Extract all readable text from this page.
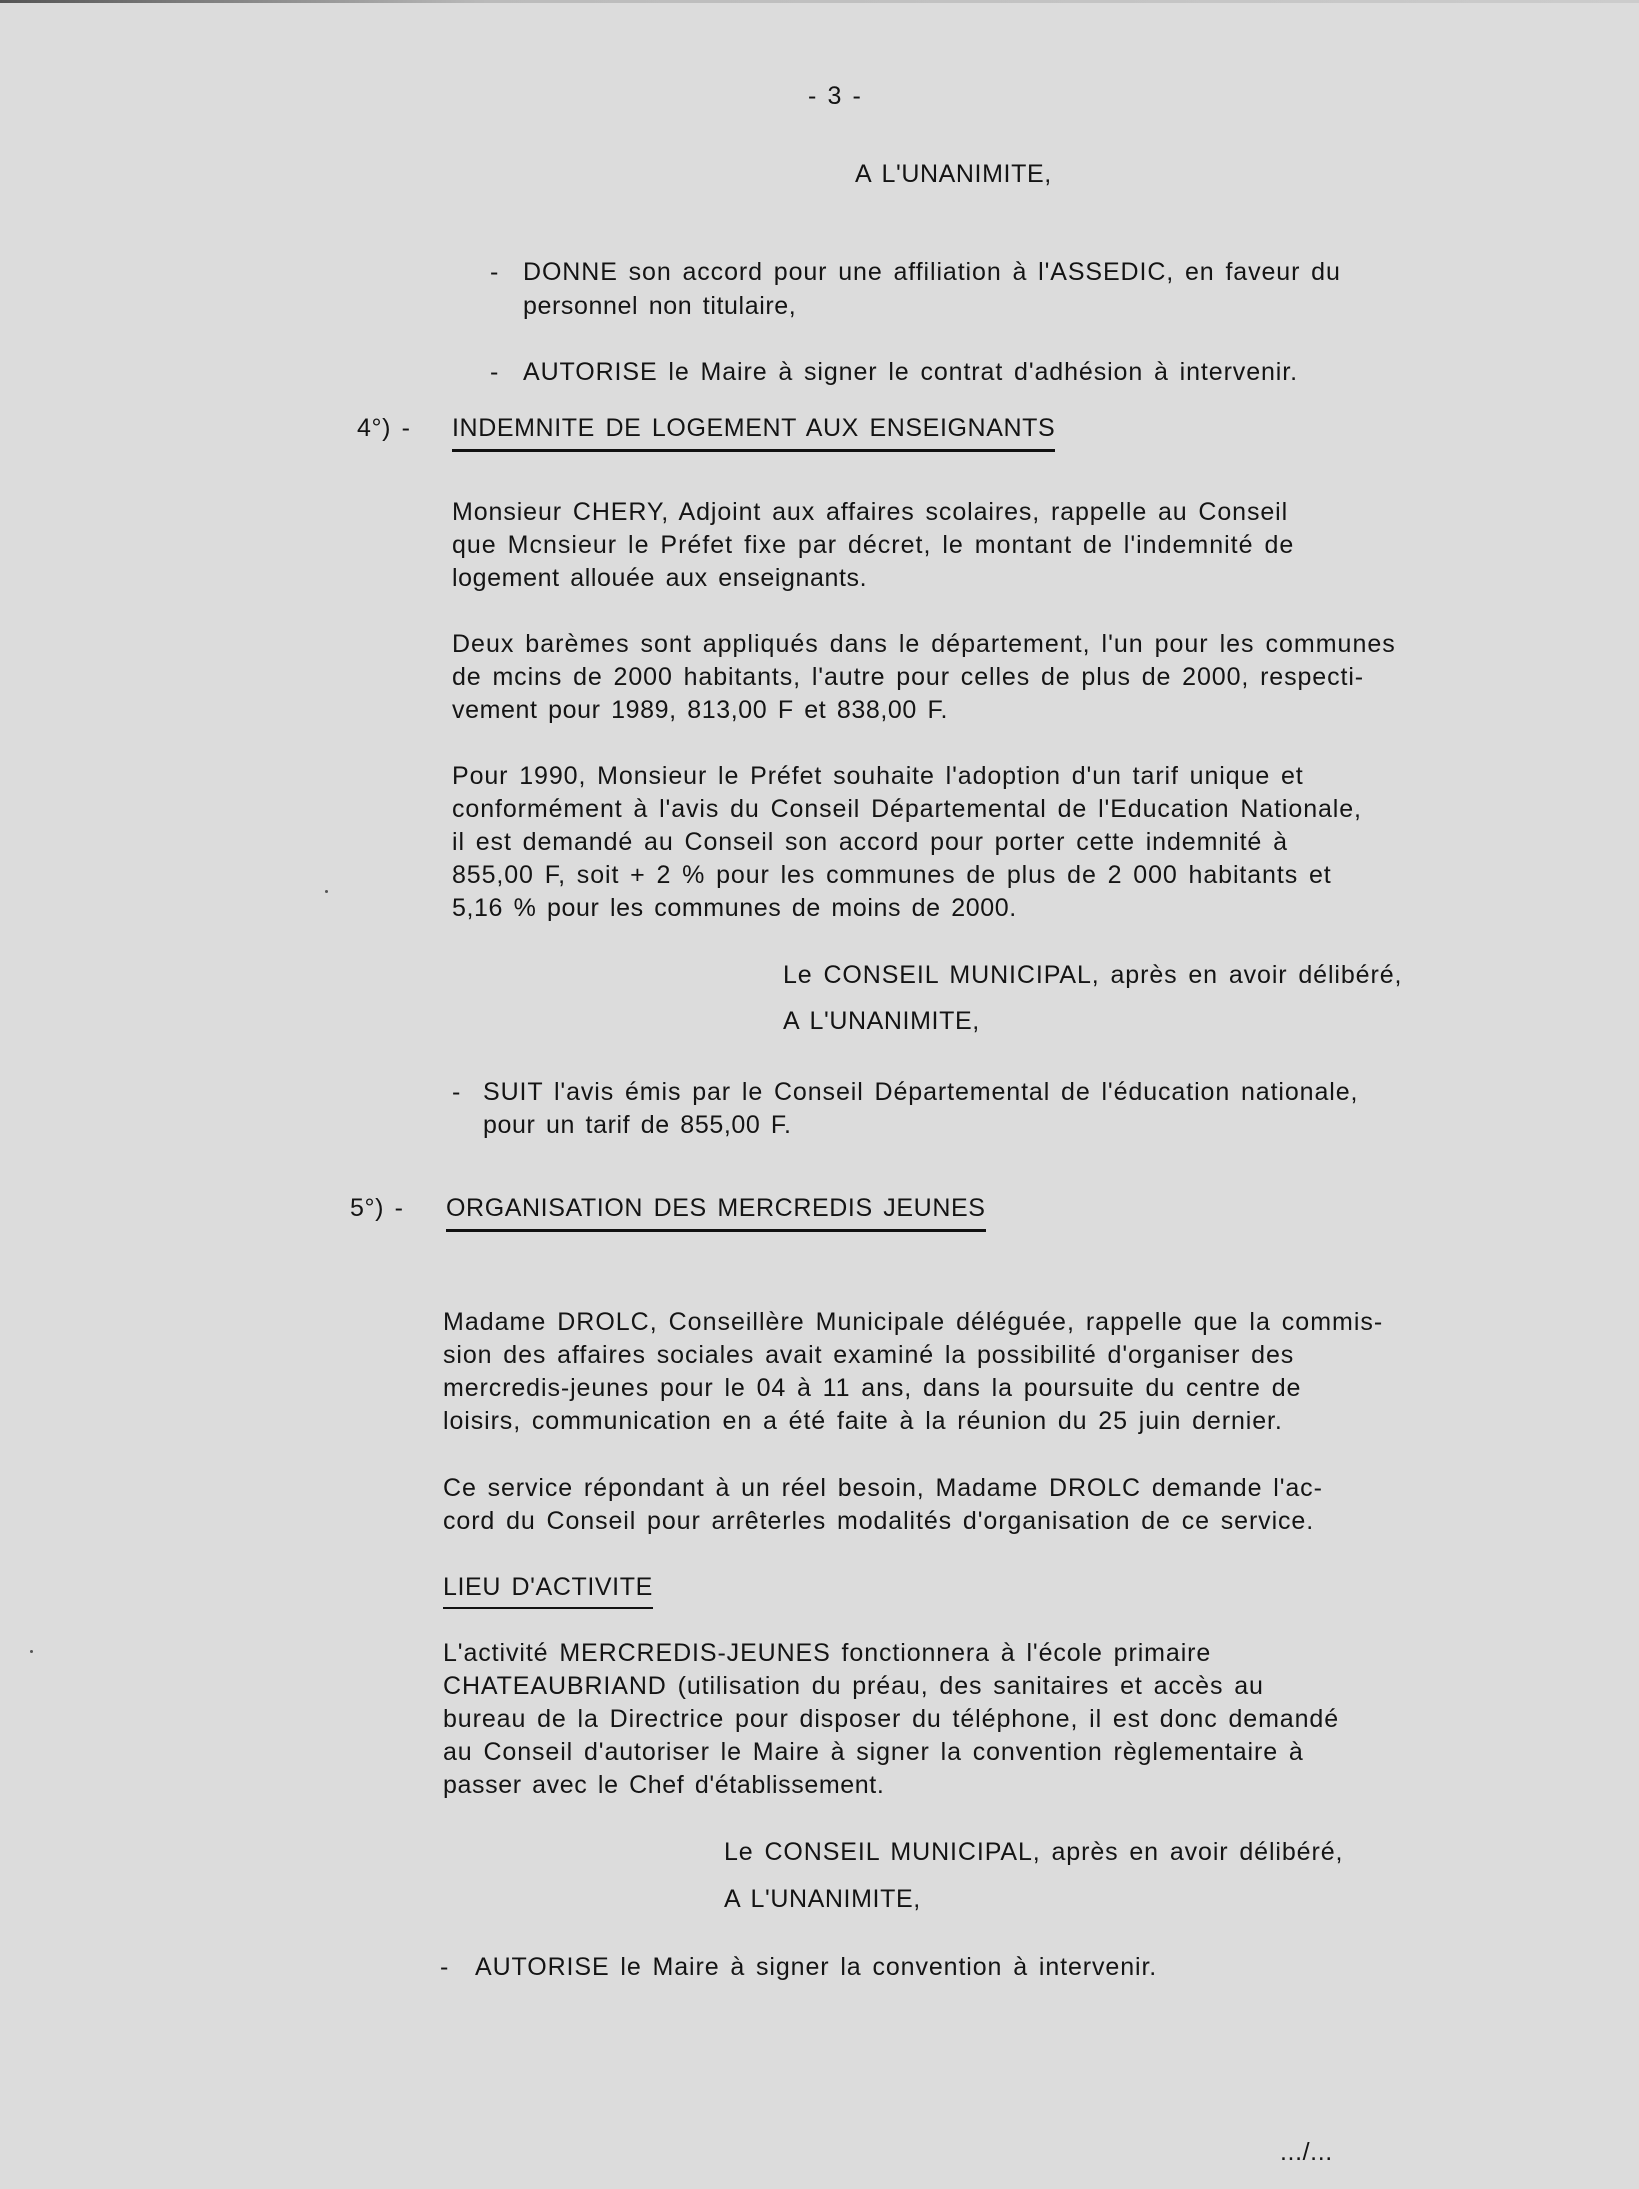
- 3 -
A L'UNANIMITE,
- DONNE son accord pour une affiliation à l'ASSEDIC, en faveur du
personnel non titulaire,
- AUTORISE le Maire à signer le contrat d'adhésion à intervenir.
4°) - INDEMNITE DE LOGEMENT AUX ENSEIGNANTS
Monsieur CHERY, Adjoint aux affaires scolaires, rappelle au Conseil
que Mcnsieur le Préfet fixe par décret, le montant de l'indemnité de
logement allouée aux enseignants.
Deux barèmes sont appliqués dans le département, l'un pour les communes
de mcins de 2000 habitants, l'autre pour celles de plus de 2000, respecti-
vement pour 1989, 813,00 F et 838,00 F.
Pour 1990, Monsieur le Préfet souhaite l'adoption d'un tarif unique et
conformément à l'avis du Conseil Départemental de l'Education Nationale,
il est demandé au Conseil son accord pour porter cette indemnité à
855,00 F, soit + 2 % pour les communes de plus de 2 000 habitants et
5,16 % pour les communes de moins de 2000.
Le CONSEIL MUNICIPAL, après en avoir délibéré,
A L'UNANIMITE,
- SUIT l'avis émis par le Conseil Départemental de l'éducation nationale,
pour un tarif de 855,00 F.
5°) - ORGANISATION DES MERCREDIS JEUNES
Madame DROLC, Conseillère Municipale déléguée, rappelle que la commis-
sion des affaires sociales avait examiné la possibilité d'organiser des
mercredis-jeunes pour le 04 à 11 ans, dans la poursuite du centre de
loisirs, communication en a été faite à la réunion du 25 juin dernier.
Ce service répondant à un réel besoin, Madame DROLC demande l'ac-
cord du Conseil pour arrêterles modalités d'organisation de ce service.
LIEU D'ACTIVITE
L'activité MERCREDIS-JEUNES fonctionnera à l'école primaire
CHATEAUBRIAND (utilisation du préau, des sanitaires et accès au
bureau de la Directrice pour disposer du téléphone, il est donc demandé
au Conseil d'autoriser le Maire à signer la convention règlementaire à
passer avec le Chef d'établissement.
Le CONSEIL MUNICIPAL, après en avoir délibéré,
A L'UNANIMITE,
- AUTORISE le Maire à signer la convention à intervenir.
.../...
